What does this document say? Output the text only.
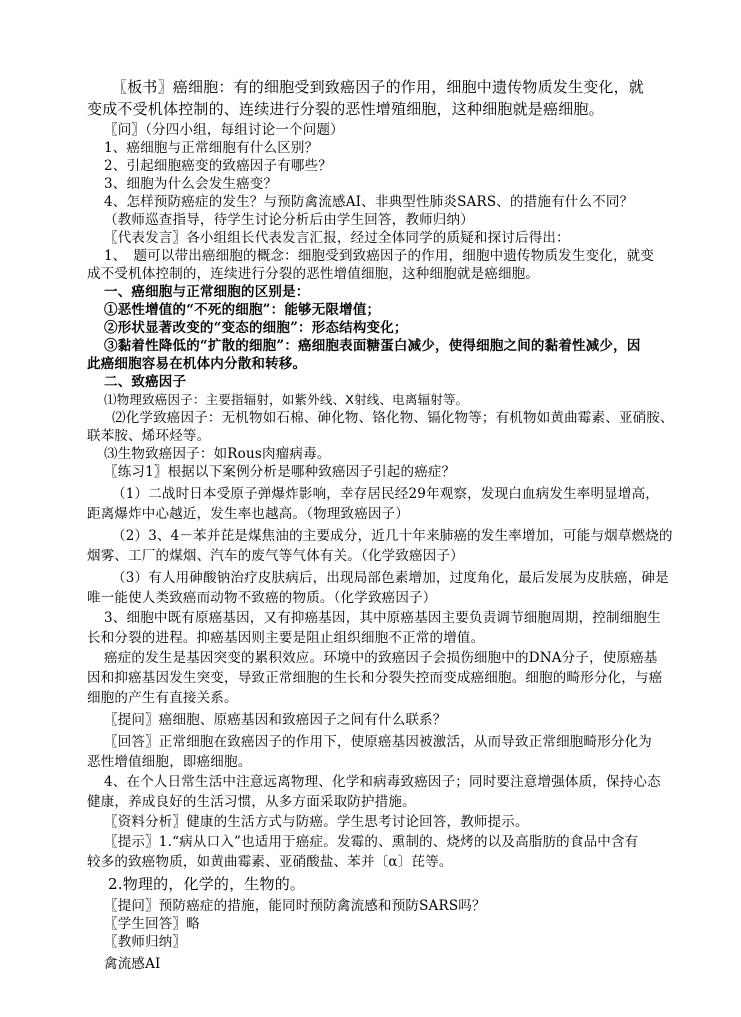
〖板书〗癌细胞：有的细胞受到致癌因子的作用，细胞中遗传物质发生变化，就
变成不受机体控制的、连续进行分裂的恶性增殖细胞，这种细胞就是癌细胞。
〖问〗（分四小组，每组讨论一个问题）
1、癌细胞与正常细胞有什么区别？
2、引起细胞癌变的致癌因子有哪些？
3、细胞为什么会发生癌变？
4、怎样预防癌症的发生？与预防禽流感AI、非典型性肺炎SARS、的措施有什么不同？
（教师巡查指导，待学生讨论分析后由学生回答，教师归纳）
〖代表发言〗各小组组长代表发言汇报，经过全体同学的质疑和探讨后得出：
1、　题可以带出癌细胞的概念：细胞受到致癌因子的作用，细胞中遗传物质发生变化，就变
成不受机体控制的，连续进行分裂的恶性增值细胞，这种细胞就是癌细胞。
一、癌细胞与正常细胞的区别是：
①恶性增值的“不死的细胞”：能够无限增值；
②形状显著改变的“变态的细胞”：形态结构变化；
③黏着性降低的“扩散的细胞”：癌细胞表面糖蛋白减少，使得细胞之间的黏着性减少，因
此癌细胞容易在机体内分散和转移。
二、致癌因子
⑴物理致癌因子：主要指辐射，如紫外线、X射线、电离辐射等。
⑵化学致癌因子：无机物如石棉、砷化物、铬化物、镉化物等；有机物如黄曲霉素、亚硝胺、
联苯胺、烯环烃等。
⑶生物致癌因子：如Rous肉瘤病毒。
〖练习1〗根据以下案例分析是哪种致癌因子引起的癌症？
（1）二战时日本受原子弹爆炸影响，幸存居民经29年观察，发现白血病发生率明显增高，
距离爆炸中心越近，发生率也越高。（物理致癌因子）
（2）3、4－苯并芘是煤焦油的主要成分，近几十年来肺癌的发生率增加，可能与烟草燃烧的
烟雾、工厂的煤烟、汽车的废气等气体有关。（化学致癌因子）
（3）有人用砷酸钠治疗皮肤病后，出现局部色素增加，过度角化，最后发展为皮肤癌，砷是
唯一能使人类致癌而动物不致癌的物质。（化学致癌因子）
3、细胞中既有原癌基因，又有抑癌基因，其中原癌基因主要负责调节细胞周期，控制细胞生
长和分裂的进程。抑癌基因则主要是阻止组织细胞不正常的增值。
癌症的发生是基因突变的累积效应。环境中的致癌因子会损伤细胞中的DNA分子，使原癌基
因和抑癌基因发生突变，导致正常细胞的生长和分裂失控而变成癌细胞。细胞的畸形分化，与癌
细胞的产生有直接关系。
〖提问〗癌细胞、原癌基因和致癌因子之间有什么联系？
〖回答〗正常细胞在致癌因子的作用下，使原癌基因被激活，从而导致正常细胞畸形分化为
恶性增值细胞，即癌细胞。
4、在个人日常生活中注意远离物理、化学和病毒致癌因子；同时要注意增强体质，保持心态
健康，养成良好的生活习惯，从多方面采取防护措施。
〖资料分析〗健康的生活方式与防癌。学生思考讨论回答，教师提示。
〖提示〗1.“病从口入”也适用于癌症。发霉的、熏制的、烧烤的以及高脂肪的食品中含有
较多的致癌物质，如黄曲霉素、亚硝酸盐、苯并〔α〕芘等。
2.物理的，化学的，生物的。
〖提问〗预防癌症的措施，能同时预防禽流感和预防SARS吗？
〖学生回答〗略
〖教师归纳〗
禽流感AI
